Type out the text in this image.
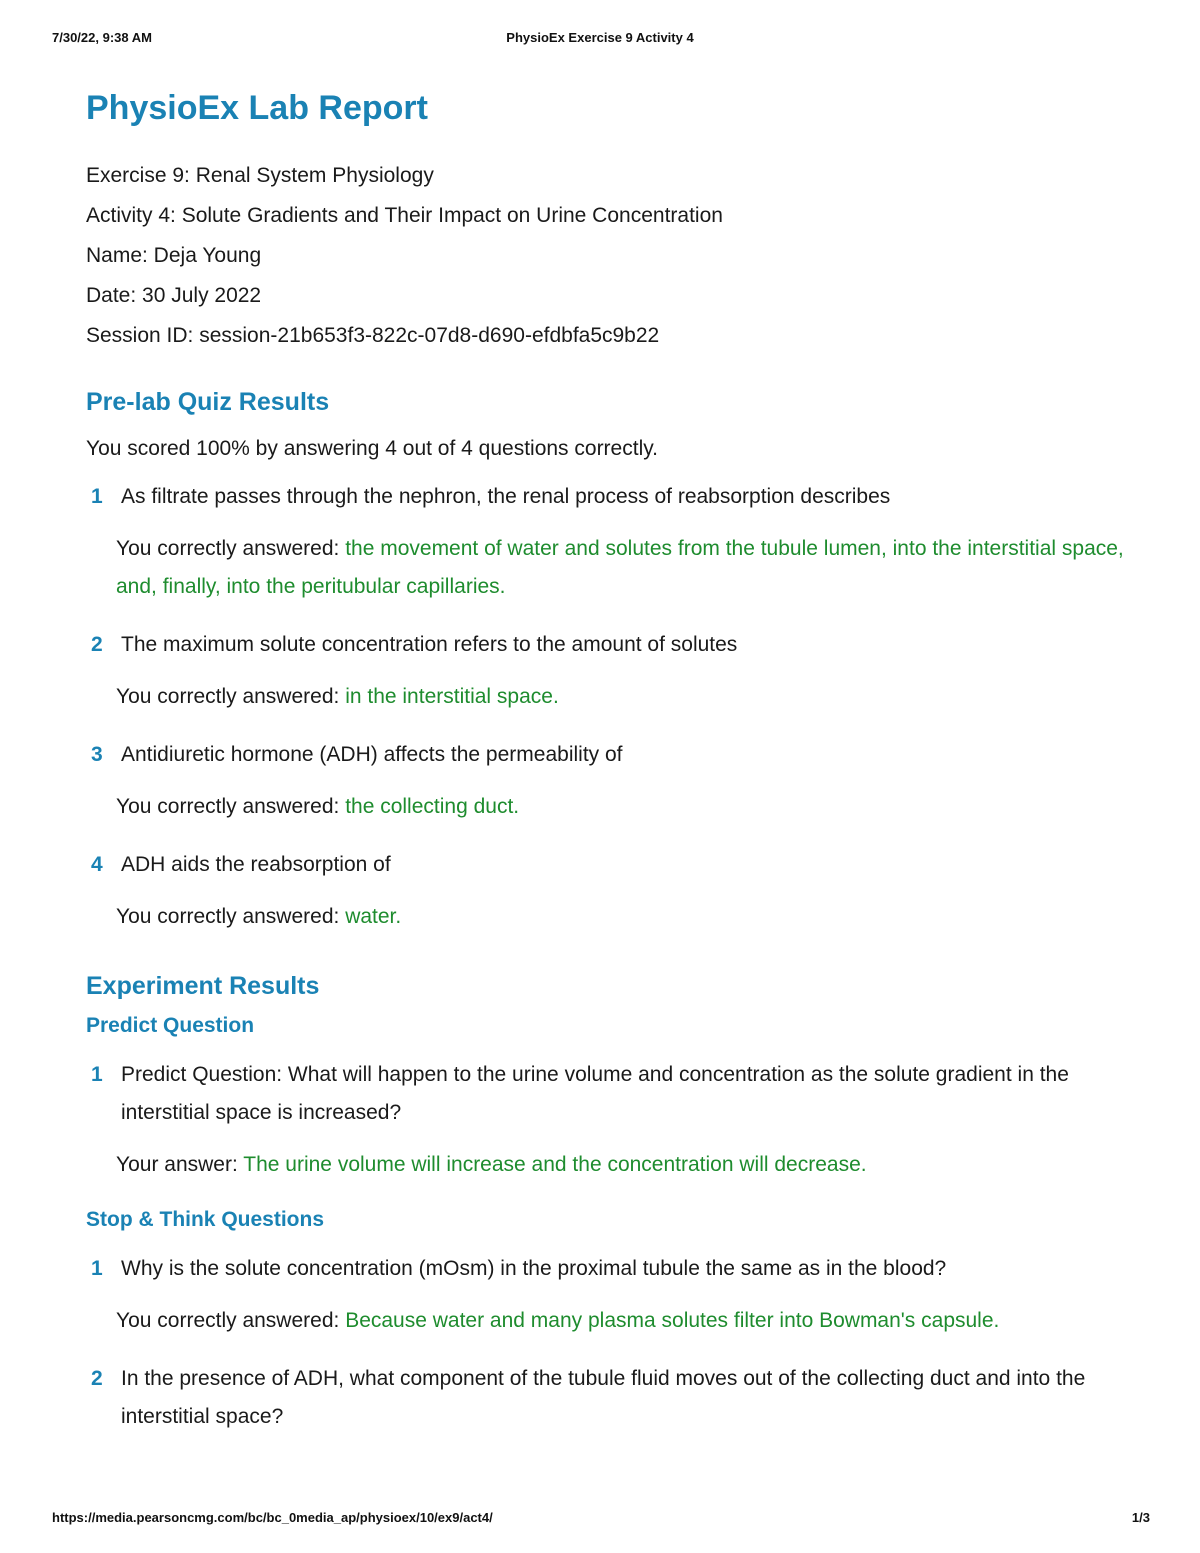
7/30/22, 9:38 AM	PhysioEx Exercise 9 Activity 4
PhysioEx Lab Report
Exercise 9: Renal System Physiology
Activity 4: Solute Gradients and Their Impact on Urine Concentration
Name: Deja Young
Date: 30 July 2022
Session ID: session-21b653f3-822c-07d8-d690-efdbfa5c9b22
Pre-lab Quiz Results
You scored 100% by answering 4 out of 4 questions correctly.
1 As filtrate passes through the nephron, the renal process of reabsorption describes
You correctly answered: the movement of water and solutes from the tubule lumen, into the interstitial space, and, finally, into the peritubular capillaries.
2 The maximum solute concentration refers to the amount of solutes
You correctly answered: in the interstitial space.
3 Antidiuretic hormone (ADH) affects the permeability of
You correctly answered: the collecting duct.
4 ADH aids the reabsorption of
You correctly answered: water.
Experiment Results
Predict Question
1 Predict Question: What will happen to the urine volume and concentration as the solute gradient in the interstitial space is increased?
Your answer: The urine volume will increase and the concentration will decrease.
Stop & Think Questions
1 Why is the solute concentration (mOsm) in the proximal tubule the same as in the blood?
You correctly answered: Because water and many plasma solutes filter into Bowman's capsule.
2 In the presence of ADH, what component of the tubule fluid moves out of the collecting duct and into the interstitial space?
https://media.pearsoncmg.com/bc/bc_0media_ap/physioex/10/ex9/act4/	1/3
